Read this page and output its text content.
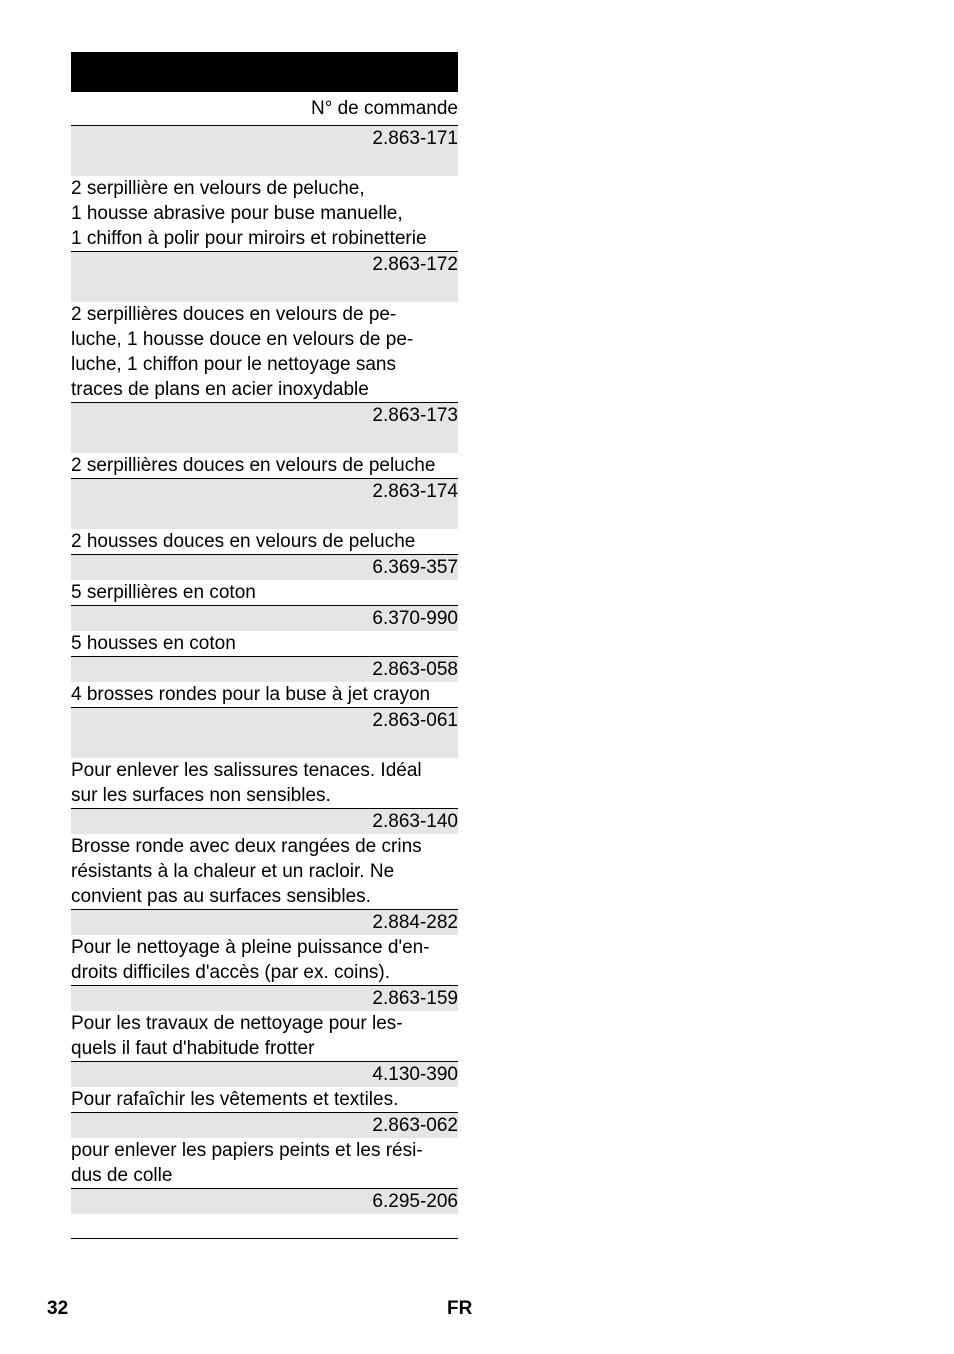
N° de commande
2.863-171
2 serpillière en velours de peluche,
1 housse abrasive pour buse manuelle,
1 chiffon à polir pour miroirs et robinetterie
2.863-172
2 serpillières douces en velours de pe-
luche, 1 housse douce en velours de pe-
luche, 1 chiffon pour le nettoyage sans
traces de plans en acier inoxydable
2.863-173
2 serpillières douces en velours de peluche
2.863-174
2 housses douces en velours de peluche
6.369-357
5 serpillières en coton
6.370-990
5 housses en coton
2.863-058
4 brosses rondes pour la buse à jet crayon
2.863-061
Pour enlever les salissures tenaces. Idéal
sur les surfaces non sensibles.
2.863-140
Brosse ronde avec deux rangées de crins
résistants à la chaleur et un racloir. Ne
convient pas au surfaces sensibles.
2.884-282
Pour le nettoyage à pleine puissance d'en-
droits difficiles d'accès (par ex. coins).
2.863-159
Pour les travaux de nettoyage pour les-
quels il faut d'habitude frotter
4.130-390
Pour rafaîchir les vêtements et textiles.
2.863-062
pour enlever les papiers peints et les rési-
dus de colle
6.295-206
32	FR
